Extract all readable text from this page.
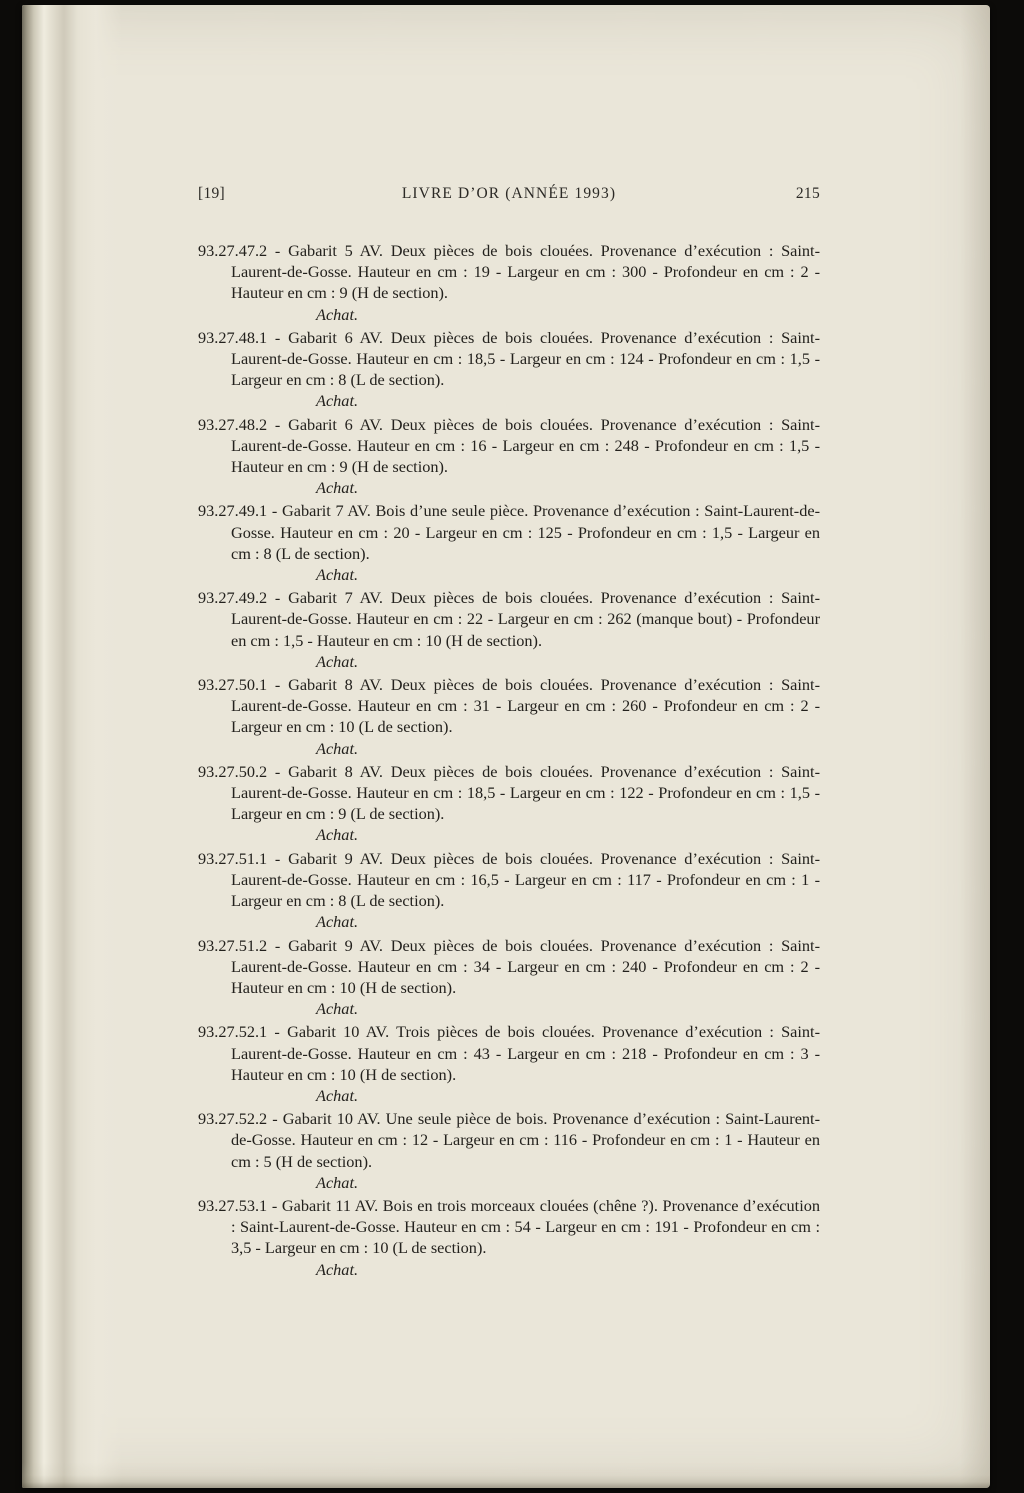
[19]	LIVRE D’OR (ANNÉE 1993)	215

93.27.47.2 - Gabarit 5 AV. Deux pièces de bois clouées. Provenance d’exécution : Saint-Laurent-de-Gosse. Hauteur en cm : 19 - Largeur en cm : 300 - Profondeur en cm : 2 - Hauteur en cm : 9 (H de section).

Achat.

93.27.48.1 - Gabarit 6 AV. Deux pièces de bois clouées. Provenance d’exécution : Saint-Laurent-de-Gosse. Hauteur en cm : 18,5 - Largeur en cm : 124 - Profondeur en cm : 1,5 - Largeur en cm : 8 (L de section).

Achat.

93.27.48.2 - Gabarit 6 AV. Deux pièces de bois clouées. Provenance d’exécution : Saint-Laurent-de-Gosse. Hauteur en cm : 16 - Largeur en cm : 248 - Profondeur en cm : 1,5 - Hauteur en cm : 9 (H de section).

Achat.

93.27.49.1 - Gabarit 7 AV. Bois d’une seule pièce. Provenance d’exécution : Saint-Laurent-de-Gosse. Hauteur en cm : 20 - Largeur en cm : 125 - Profondeur en cm : 1,5 - Largeur en cm : 8 (L de section).

Achat.

93.27.49.2 - Gabarit 7 AV. Deux pièces de bois clouées. Provenance d’exécution : Saint-Laurent-de-Gosse. Hauteur en cm : 22 - Largeur en cm : 262 (manque bout) - Profondeur en cm : 1,5 - Hauteur en cm : 10 (H de section).

Achat.

93.27.50.1 - Gabarit 8 AV. Deux pièces de bois clouées. Provenance d’exécution : Saint-Laurent-de-Gosse. Hauteur en cm : 31 - Largeur en cm : 260 - Profondeur en cm : 2 - Largeur en cm : 10 (L de section).

Achat.

93.27.50.2 - Gabarit 8 AV. Deux pièces de bois clouées. Provenance d’exécution : Saint-Laurent-de-Gosse. Hauteur en cm : 18,5 - Largeur en cm : 122 - Profondeur en cm : 1,5 - Largeur en cm : 9 (L de section).

Achat.

93.27.51.1 - Gabarit 9 AV. Deux pièces de bois clouées. Provenance d’exécution : Saint-Laurent-de-Gosse. Hauteur en cm : 16,5 - Largeur en cm : 117 - Profondeur en cm : 1 - Largeur en cm : 8 (L de section).

Achat.

93.27.51.2 - Gabarit 9 AV. Deux pièces de bois clouées. Provenance d’exécution : Saint-Laurent-de-Gosse. Hauteur en cm : 34 - Largeur en cm : 240 - Profondeur en cm : 2 - Hauteur en cm : 10 (H de section).

Achat.

93.27.52.1 - Gabarit 10 AV. Trois pièces de bois clouées. Provenance d’exécution : Saint-Laurent-de-Gosse. Hauteur en cm : 43 - Largeur en cm : 218 - Profondeur en cm : 3 - Hauteur en cm : 10 (H de section).

Achat.

93.27.52.2 - Gabarit 10 AV. Une seule pièce de bois. Provenance d’exécution : Saint-Laurent-de-Gosse. Hauteur en cm : 12 - Largeur en cm : 116 - Profondeur en cm : 1 - Hauteur en cm : 5 (H de section).

Achat.

93.27.53.1 - Gabarit 11 AV. Bois en trois morceaux clouées (chêne ?). Provenance d’exécution : Saint-Laurent-de-Gosse. Hauteur en cm : 54 - Largeur en cm : 191 - Profondeur en cm : 3,5 - Largeur en cm : 10 (L de section).

Achat.
